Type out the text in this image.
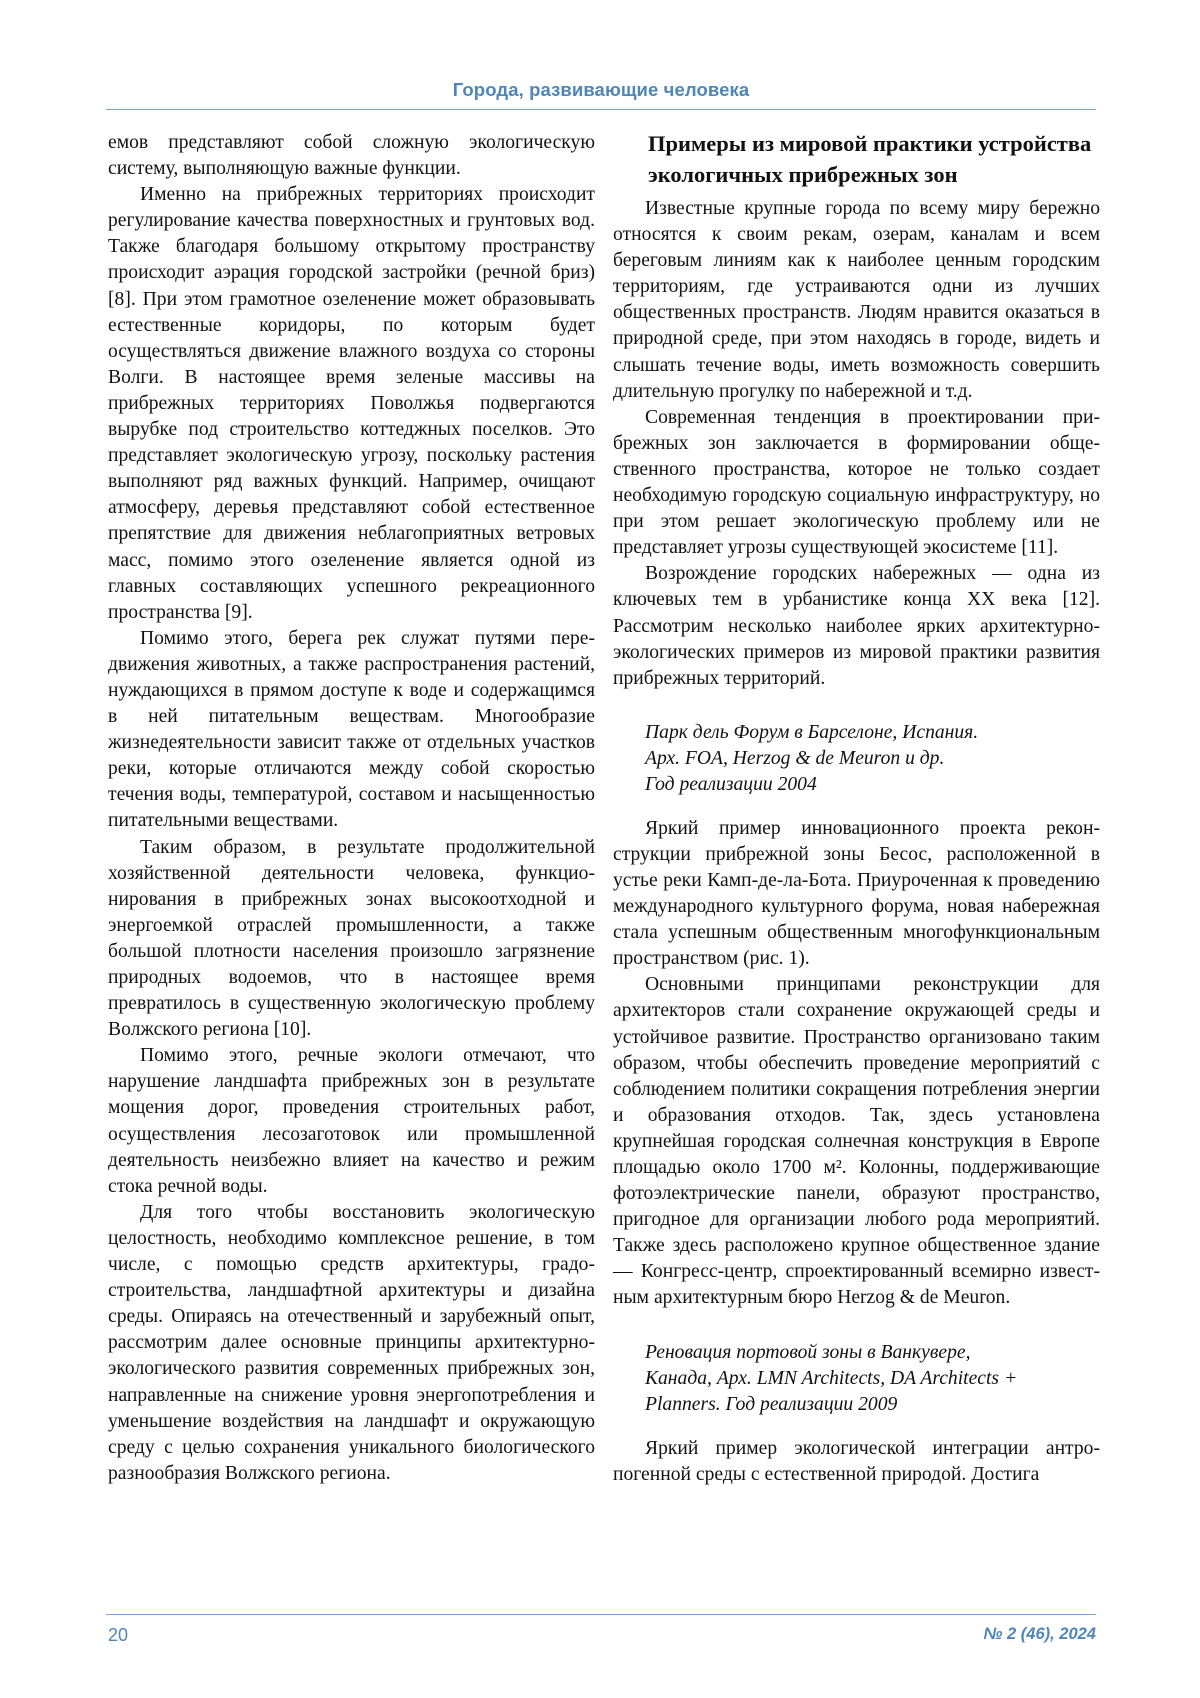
Города, развивающие человека

емов представляют собой сложную экологическую систему, выполняющую важные функции.

Именно на прибрежных территориях происходит регулирование качества поверхностных и грунтовых вод. Также благодаря большому открытому пространству происходит аэрация городской застройки (речной бриз) [8]. При этом грамотное озеленение может образовывать естественные коридоры, по которым будет осуществляться движение влажного воздуха со стороны Волги. В настоящее время зеленые массивы на прибрежных территориях Поволжья подвергаются вырубке под строительство коттеджных поселков. Это представляет экологическую угрозу, поскольку растения выполняют ряд важных функций. Например, очищают атмосферу, деревья представляют собой естественное препятствие для движения неблагоприятных ветровых масс, помимо этого озеленение является одной из главных составляющих успешного рекреационного пространства [9].

Помимо этого, берега рек служат путями передвижения животных, а также распространения растений, нуждающихся в прямом доступе к воде и содержащимся в ней питательным веществам. Многообразие жизнедеятельности зависит также от отдельных участков реки, которые отличаются между собой скоростью течения воды, температурой, составом и насыщенностью питательными веществами.

Таким образом, в результате продолжительной хозяйственной деятельности человека, функционирования в прибрежных зонах высокоотходной и энергоемкой отраслей промышленности, а также большой плотности населения произошло загрязнение природных водоемов, что в настоящее время превратилось в существенную экологическую проблему Волжского региона [10].

Помимо этого, речные экологи отмечают, что нарушение ландшафта прибрежных зон в результате мощения дорог, проведения строительных работ, осуществления лесозаготовок или промышленной деятельность неизбежно влияет на качество и режим стока речной воды.

Для того чтобы восстановить экологическую целостность, необходимо комплексное решение, в том числе, с помощью средств архитектуры, градостроительства, ландшафтной архитектуры и дизайна среды. Опираясь на отечественный и зарубежный опыт, рассмотрим далее основные принципы архитектурно-экологического развития современных прибрежных зон, направленные на снижение уровня энергопотребления и уменьшение воздействия на ландшафт и окружающую среду с целью сохранения уникального биологического разнообразия Волжского региона.

Примеры из мировой практики устройства экологичных прибрежных зон

Известные крупные города по всему миру бережно относятся к своим рекам, озерам, каналам и всем береговым линиям как к наиболее ценным городским территориям, где устраиваются одни из лучших общественных пространств. Людям нравится оказаться в природной среде, при этом находясь в городе, видеть и слышать течение воды, иметь возможность совершить длительную прогулку по набережной и т.д.

Современная тенденция в проектировании прибрежных зон заключается в формировании общественного пространства, которое не только создает необходимую городскую социальную инфраструктуру, но при этом решает экологическую проблему или не представляет угрозы существующей экосистеме [11].

Возрождение городских набережных — одна из ключевых тем в урбанистике конца XX века [12]. Рассмотрим несколько наиболее ярких архитектурно-экологических примеров из мировой практики развития прибрежных территорий.

Парк дель Форум в Барселоне, Испания.
Арх. FOA, Herzog & de Meuron и др.
Год реализации 2004

Яркий пример инновационного проекта реконструкции прибрежной зоны Бесос, расположенной в устье реки Камп-де-ла-Бота. Приуроченная к проведению международного культурного форума, новая набережная стала успешным общественным многофункциональным пространством (рис. 1).

Основными принципами реконструкции для архитекторов стали сохранение окружающей среды и устойчивое развитие. Пространство организовано таким образом, чтобы обеспечить проведение мероприятий с соблюдением политики сокращения потребления энергии и образования отходов. Так, здесь установлена крупнейшая городская солнечная конструкция в Европе площадью около 1700 м². Колонны, поддерживающие фотоэлектрические панели, образуют пространство, пригодное для организации любого рода мероприятий. Также здесь расположено крупное общественное здание — Конгресс-центр, спроектированный всемирно известным архитектурным бюро Herzog & de Meuron.

Реновация портовой зоны в Ванкувере,
Канада, Арх. LMN Architects, DA Architects +
Planners. Год реализации 2009

Яркий пример экологической интеграции антропогенной среды с естественной природой. Достига

20	№ 2 (46), 2024
